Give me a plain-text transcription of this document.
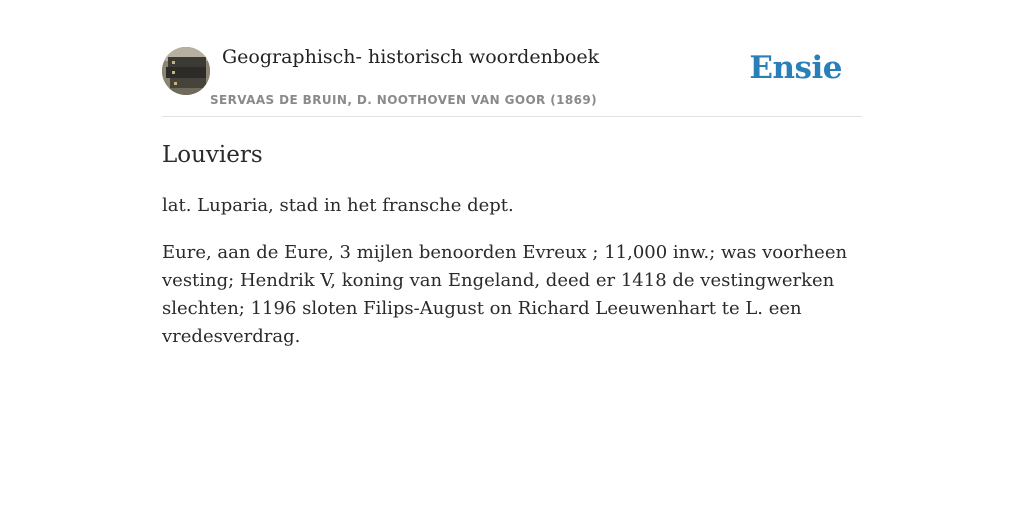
Geographisch- historisch woordenboek
SERVAAS DE BRUIN, D. NOOTHOVEN VAN GOOR (1869)
Ensie
Louviers

lat. Luparia, stad in het fransche dept.

Eure, aan de Eure, 3 mijlen benoorden Evreux ; 11,000 inw.; was voorheen vesting; Hendrik V, koning van Engeland, deed er 1418 de vestingwerken slechten; 1196 sloten Filips-August on Richard Leeuwenhart te L. een vredesverdrag.
